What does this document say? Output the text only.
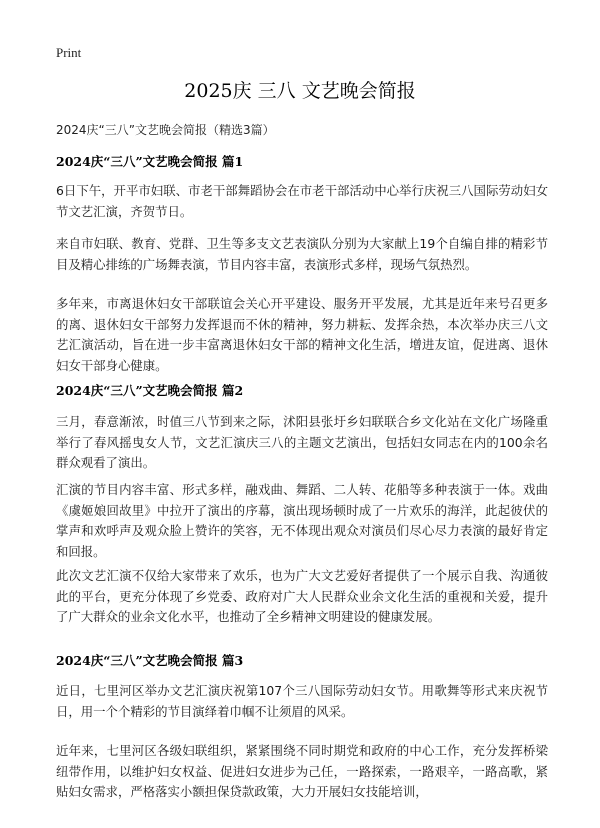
Print
2025庆 三八 文艺晚会简报
2024庆“三八”文艺晚会简报（精选3篇）
2024庆“三八”文艺晚会简报 篇1
6日下午，开平市妇联、市老干部舞蹈协会在市老干部活动中心举行庆祝三八国际劳动妇女节文艺汇演，齐贺节日。
来自市妇联、教育、党群、卫生等多支文艺表演队分别为大家献上19个自编自排的精彩节目及精心排练的广场舞表演，节目内容丰富，表演形式多样，现场气氛热烈。
多年来，市离退休妇女干部联谊会关心开平建设、服务开平发展，尤其是近年来号召更多的离、退休妇女干部努力发挥退而不休的精神，努力耕耘、发挥余热，本次举办庆三八文艺汇演活动，旨在进一步丰富离退休妇女干部的精神文化生活，增进友谊，促进离、退休妇女干部身心健康。
2024庆“三八”文艺晚会简报 篇2
三月，春意渐浓，时值三八节到来之际，沭阳县张圩乡妇联联合乡文化站在文化广场隆重举行了春风摇曳女人节，文艺汇演庆三八的主题文艺演出，包括妇女同志在内的100余名群众观看了演出。
汇演的节目内容丰富、形式多样，融戏曲、舞蹈、二人转、花船等多种表演于一体。戏曲《虞姬娘回故里》中拉开了演出的序幕，演出现场顿时成了一片欢乐的海洋，此起彼伏的掌声和欢呼声及观众脸上赞许的笑容，无不体现出观众对演员们尽心尽力表演的最好肯定和回报。
此次文艺汇演不仅给大家带来了欢乐，也为广大文艺爱好者提供了一个展示自我、沟通彼此的平台，更充分体现了乡党委、政府对广大人民群众业余文化生活的重视和关爱，提升了广大群众的业余文化水平，也推动了全乡精神文明建设的健康发展。
2024庆“三八”文艺晚会简报 篇3
近日，七里河区举办文艺汇演庆祝第107个三八国际劳动妇女节。用歌舞等形式来庆祝节日，用一个个精彩的节目演绎着巾帼不让须眉的风采。
近年来，七里河区各级妇联组织，紧紧围绕不同时期党和政府的中心工作，充分发挥桥梁纽带作用，以维护妇女权益、促进妇女进步为己任，一路探索，一路艰辛，一路高歌，紧贴妇女需求，严格落实小额担保贷款政策，大力开展妇女技能培训，
